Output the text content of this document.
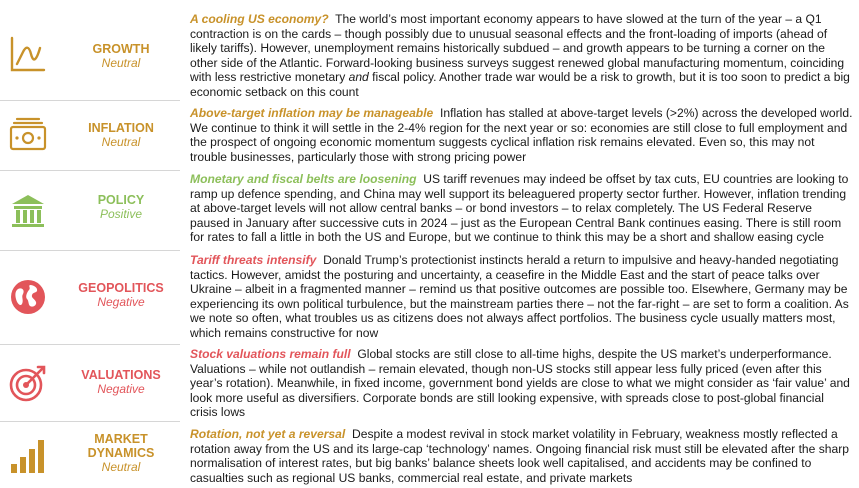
GROWTH
Neutral
A cooling US economy? The world’s most important economy appears to have slowed at the turn of the year – a Q1 contraction is on the cards – though possibly due to unusual seasonal effects and the front-loading of imports (ahead of likely tariffs). However, unemployment remains historically subdued – and growth appears to be turning a corner on the other side of the Atlantic. Forward-looking business surveys suggest renewed global manufacturing momentum, coinciding with less restrictive monetary and fiscal policy. Another trade war would be a risk to growth, but it is too soon to predict a big economic setback on this count
INFLATION
Neutral
Above-target inflation may be manageable Inflation has stalled at above-target levels (>2%) across the developed world. We continue to think it will settle in the 2-4% region for the next year or so: economies are still close to full employment and the prospect of ongoing economic momentum suggests cyclical inflation risk remains elevated. Even so, this may not trouble businesses, particularly those with strong pricing power
POLICY
Positive
Monetary and fiscal belts are loosening US tariff revenues may indeed be offset by tax cuts, EU countries are looking to ramp up defence spending, and China may well support its beleaguered property sector further. However, inflation trending at above-target levels will not allow central banks – or bond investors – to relax completely. The US Federal Reserve paused in January after successive cuts in 2024 – just as the European Central Bank continues easing. There is still room for rates to fall a little in both the US and Europe, but we continue to think this may be a short and shallow easing cycle
GEOPOLITICS
Negative
Tariff threats intensify Donald Trump’s protectionist instincts herald a return to impulsive and heavy-handed negotiating tactics. However, amidst the posturing and uncertainty, a ceasefire in the Middle East and the start of peace talks over Ukraine – albeit in a fragmented manner – remind us that positive outcomes are possible too. Elsewhere, Germany may be experiencing its own political turbulence, but the mainstream parties there – not the far-right – are set to form a coalition. As we note so often, what troubles us as citizens does not always affect portfolios. The business cycle usually matters most, which remains constructive for now
VALUATIONS
Negative
Stock valuations remain full Global stocks are still close to all-time highs, despite the US market’s underperformance. Valuations – while not outlandish – remain elevated, though non-US stocks still appear less fully priced (even after this year’s rotation). Meanwhile, in fixed income, government bond yields are close to what we might consider as ‘fair value’ and look more useful as diversifiers. Corporate bonds are still looking expensive, with spreads close to post-global financial crisis lows
MARKET
DYNAMICS
Neutral
Rotation, not yet a reversal Despite a modest revival in stock market volatility in February, weakness mostly reflected a rotation away from the US and its large-cap ‘technology’ names. Ongoing financial risk must still be elevated after the sharp normalisation of interest rates, but big banks’ balance sheets look well capitalised, and accidents may be confined to casualties such as regional US banks, commercial real estate, and private markets
